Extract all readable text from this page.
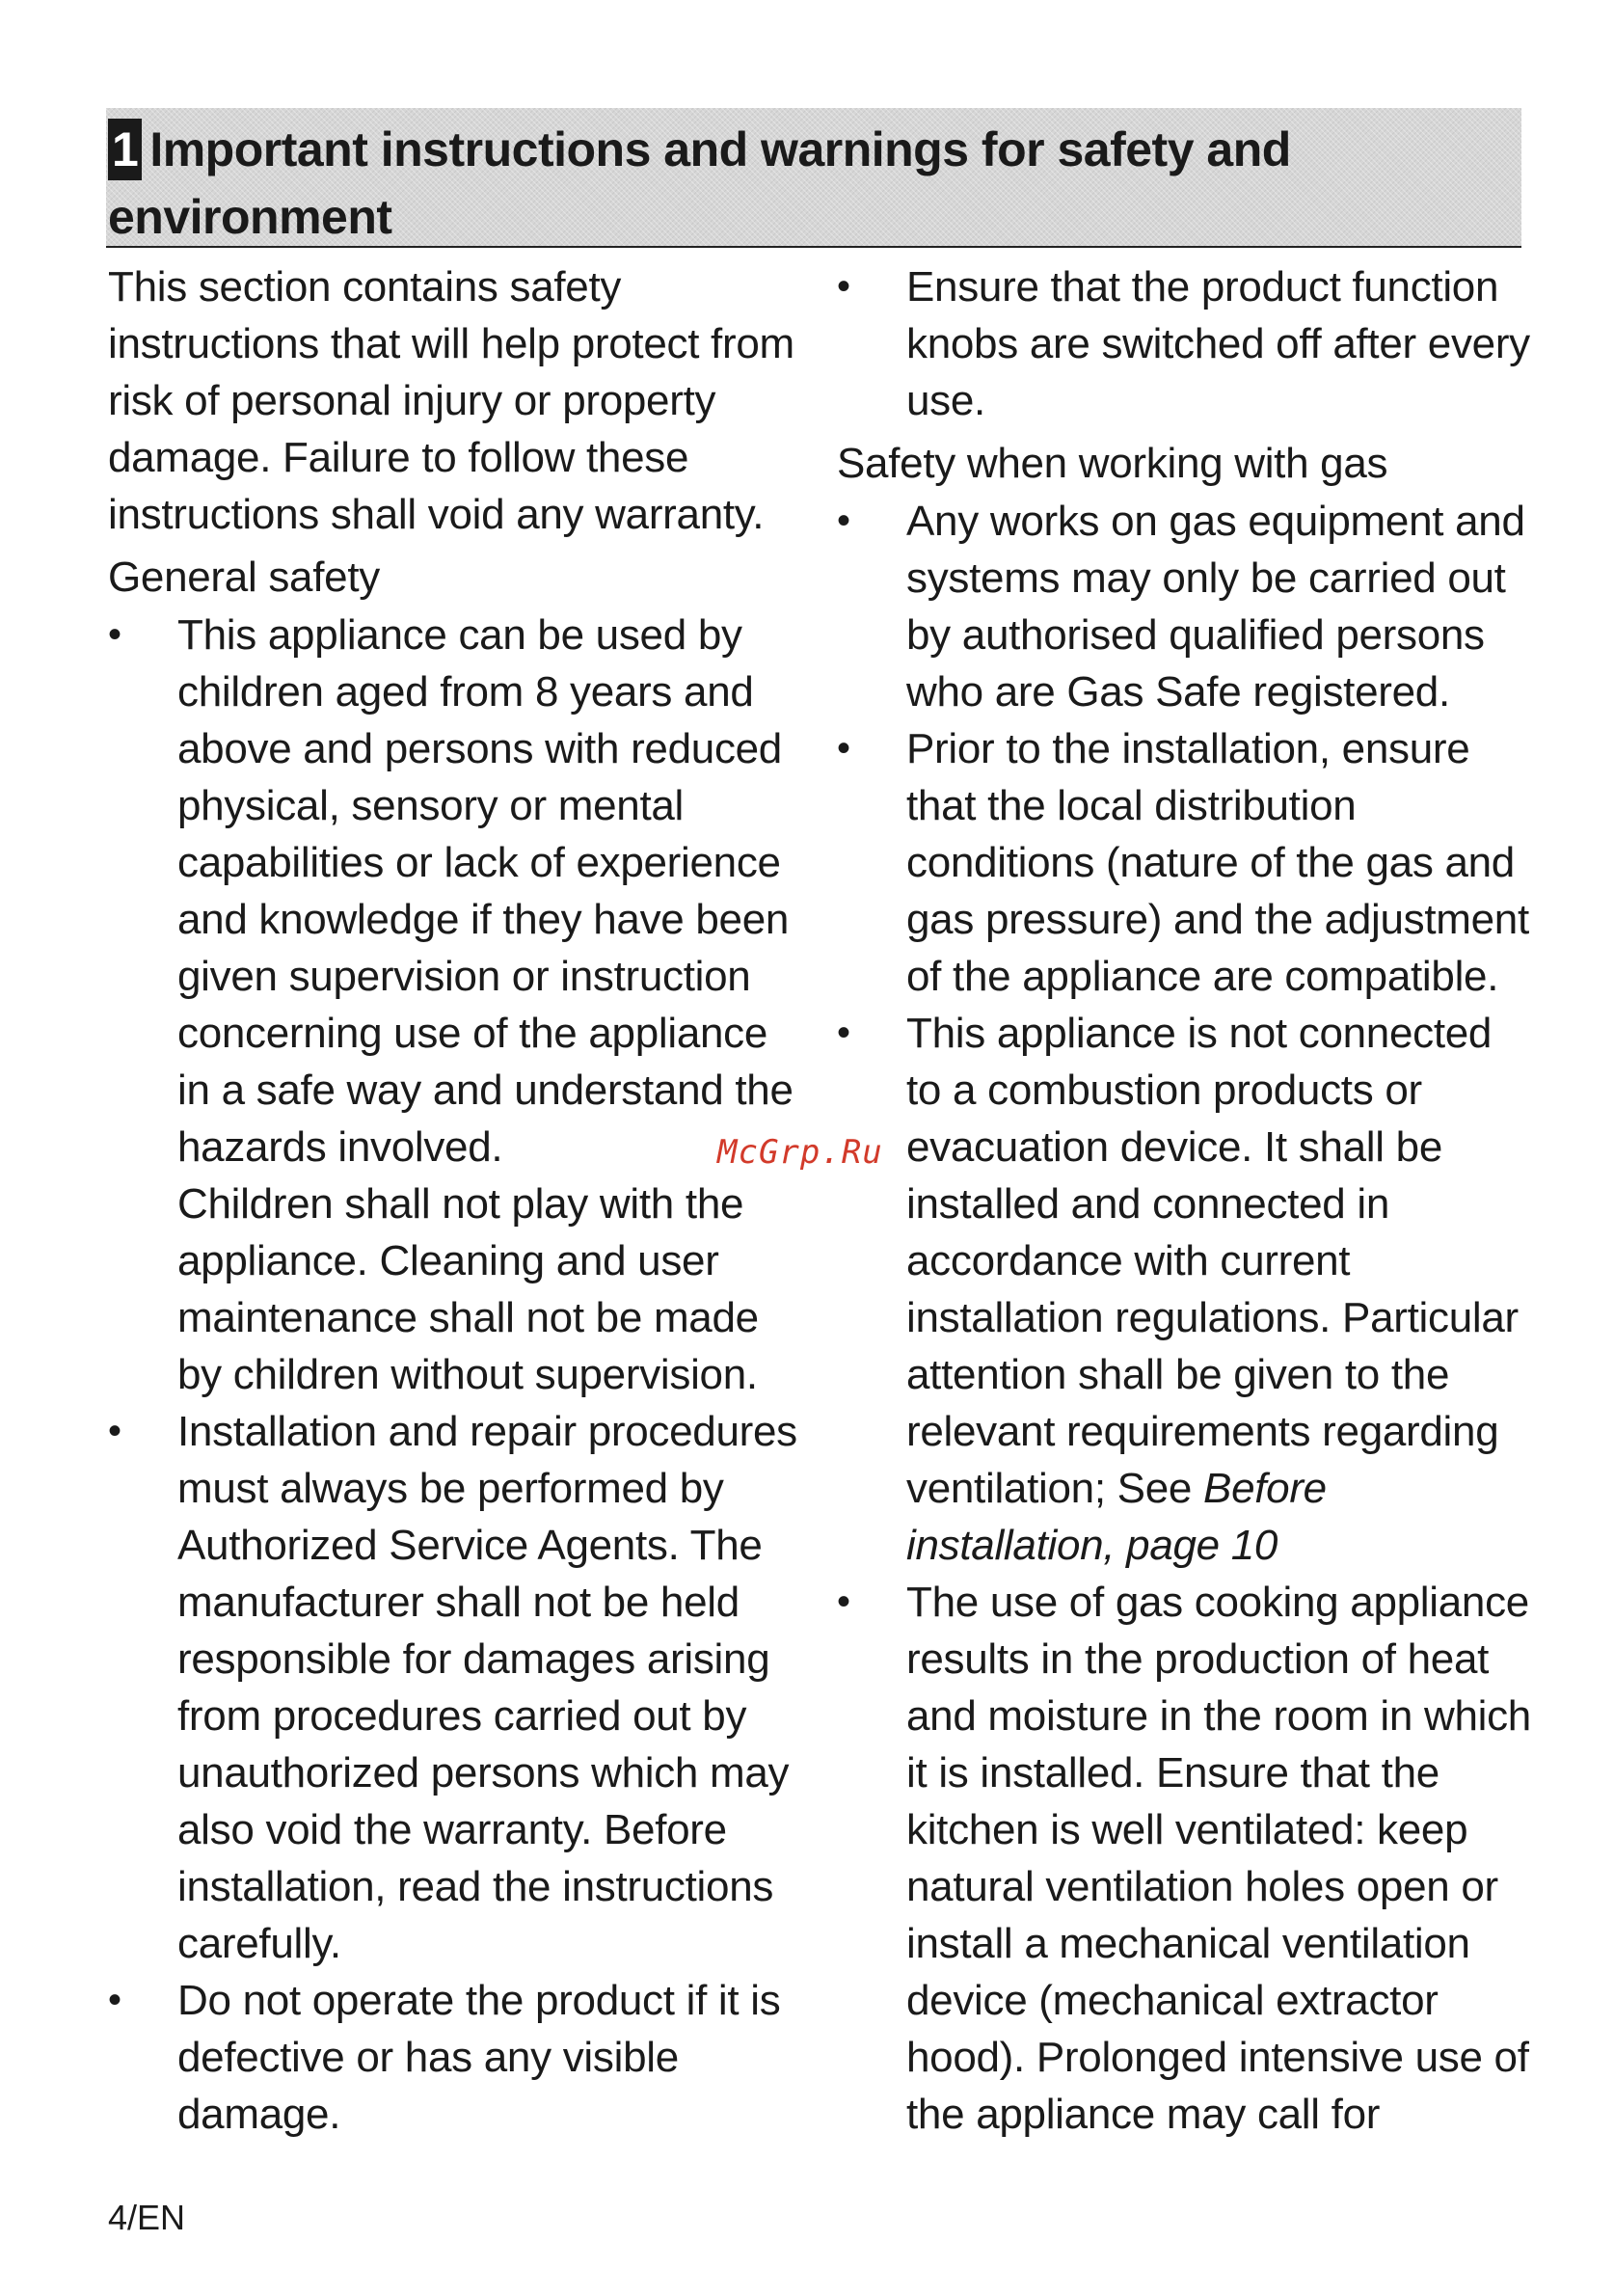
1 Important instructions and warnings for safety and environment

This section contains safety instructions that will help protect from risk of personal injury or property damage. Failure to follow these instructions shall void any warranty.

General safety
• This appliance can be used by children aged from 8 years and above and persons with reduced physical, sensory or mental capabilities or lack of experience and knowledge if they have been given supervision or instruction concerning use of the appliance in a safe way and understand the hazards involved.
Children shall not play with the appliance. Cleaning and user maintenance shall not be made by children without supervision.
• Installation and repair procedures must always be performed by Authorized Service Agents. The manufacturer shall not be held responsible for damages arising from procedures carried out by unauthorized persons which may also void the warranty. Before installation, read the instructions carefully.
• Do not operate the product if it is defective or has any visible damage.
• Ensure that the product function knobs are switched off after every use.
Safety when working with gas
• Any works on gas equipment and systems may only be carried out by authorised qualified persons who are Gas Safe registered.
• Prior to the installation, ensure that the local distribution conditions (nature of the gas and gas pressure) and the adjustment of the appliance are compatible.
• This appliance is not connected to a combustion products or evacuation device. It shall be installed and connected in accordance with current installation regulations. Particular attention shall be given to the relevant requirements regarding ventilation; See Before installation, page 10
• The use of gas cooking appliance results in the production of heat and moisture in the room in which it is installed. Ensure that the kitchen is well ventilated: keep natural ventilation holes open or install a mechanical ventilation device (mechanical extractor hood). Prolonged intensive use of the appliance may call for
McGrp.Ru
4/EN
